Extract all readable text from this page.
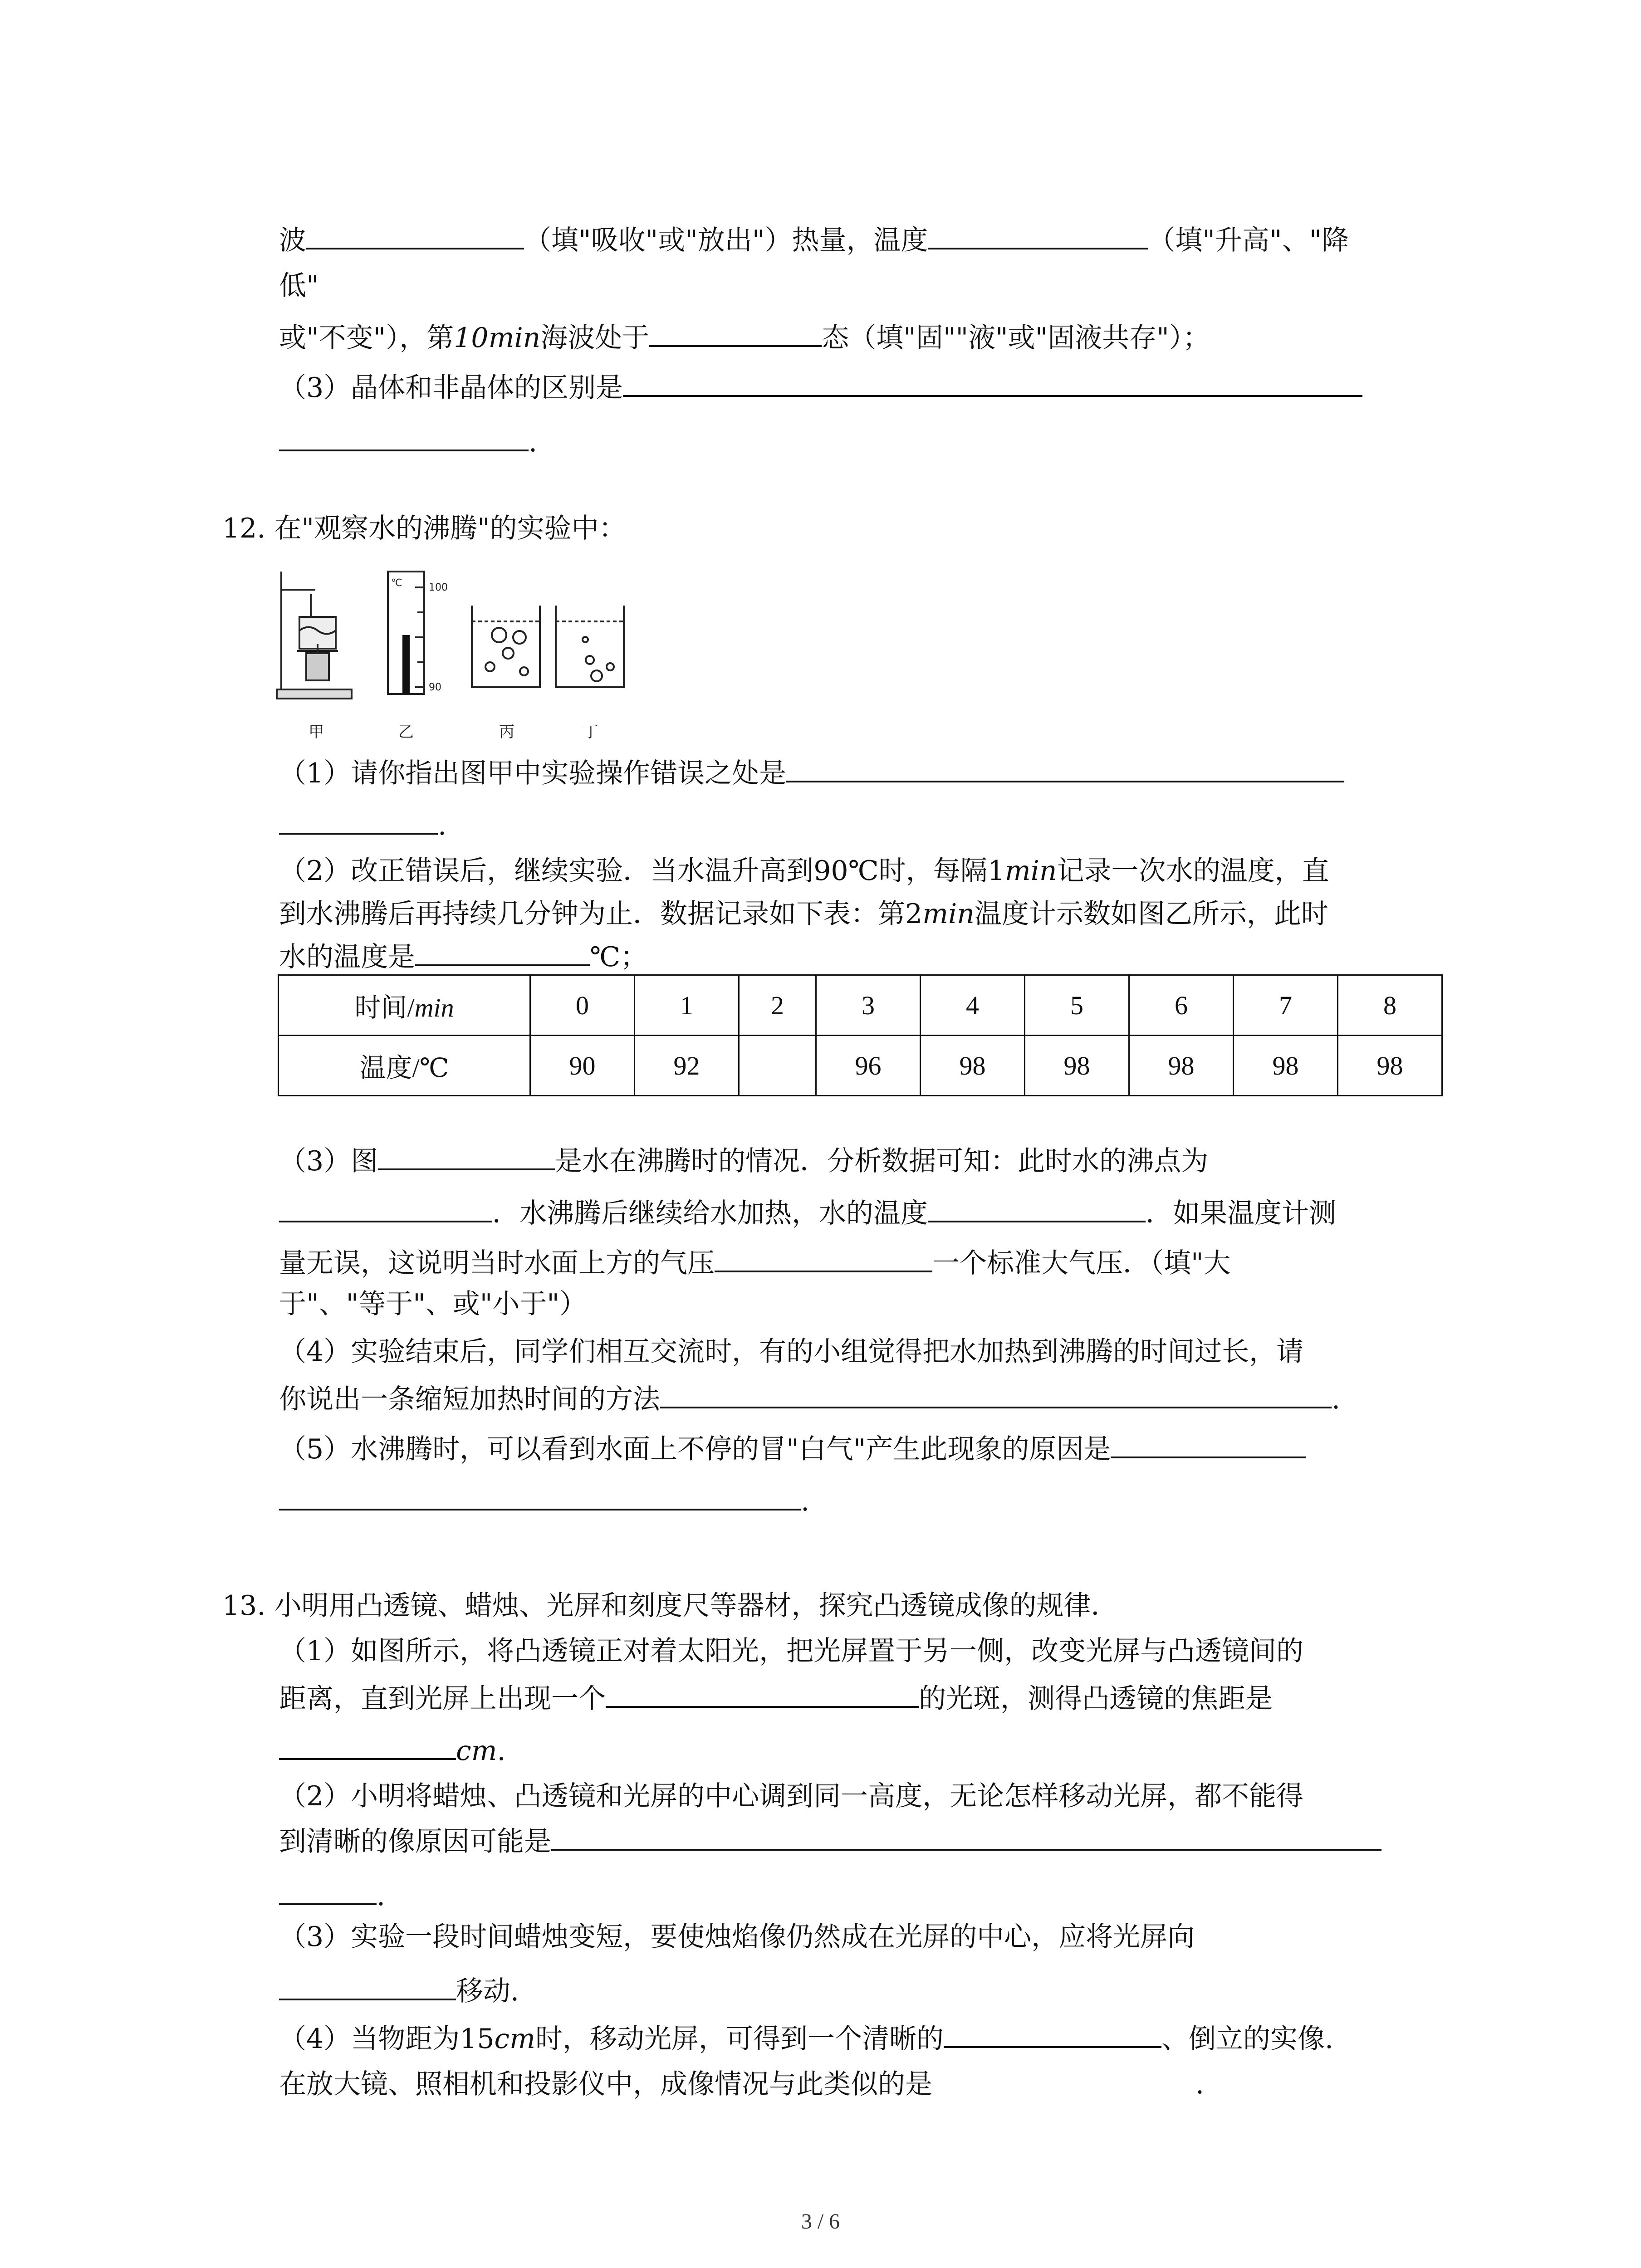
波	（填"吸收"或"放出"）热量，温度	（填"升高"、"降
低"
或"不变"），第10min海波处于	态（填"固""液"或"固液共存"）；
（3）晶体和非晶体的区别是
.
12. 在"观察水的沸腾"的实验中：
℃	100
90
甲	乙	丙	丁
（1）请你指出图甲中实验操作错误之处是
.
（2）改正错误后，继续实验．当水温升高到90℃时，每隔1min记录一次水的温度，直
到水沸腾后再持续几分钟为止．数据记录如下表：第2min温度计示数如图乙所示，此时
水的温度是	℃；
时间/min	0	1	2	3	4	5	6	7	8
温度/℃	90	92		96	98	98	98	98	98
（3）图	是水在沸腾时的情况．分析数据可知：此时水的沸点为
．水沸腾后继续给水加热，水的温度	．如果温度计测
量无误，这说明当时水面上方的气压	一个标准大气压．（填"大
于"、"等于"、或"小于"）
（4）实验结束后，同学们相互交流时，有的小组觉得把水加热到沸腾的时间过长，请
你说出一条缩短加热时间的方法	.
（5）水沸腾时，可以看到水面上不停的冒"白气"产生此现象的原因是
.
13. 小明用凸透镜、蜡烛、光屏和刻度尺等器材，探究凸透镜成像的规律．
（1）如图所示，将凸透镜正对着太阳光，把光屏置于另一侧，改变光屏与凸透镜间的
距离，直到光屏上出现一个	的光斑，测得凸透镜的焦距是
cm.
（2）小明将蜡烛、凸透镜和光屏的中心调到同一高度，无论怎样移动光屏，都不能得
到清晰的像原因可能是
.
（3）实验一段时间蜡烛变短，要使烛焰像仍然成在光屏的中心，应将光屏向
移动.
（4）当物距为15cm时，移动光屏，可得到一个清晰的	、倒立的实像.
在放大镜、照相机和投影仪中，成像情况与此类似的是	.
3 / 6
